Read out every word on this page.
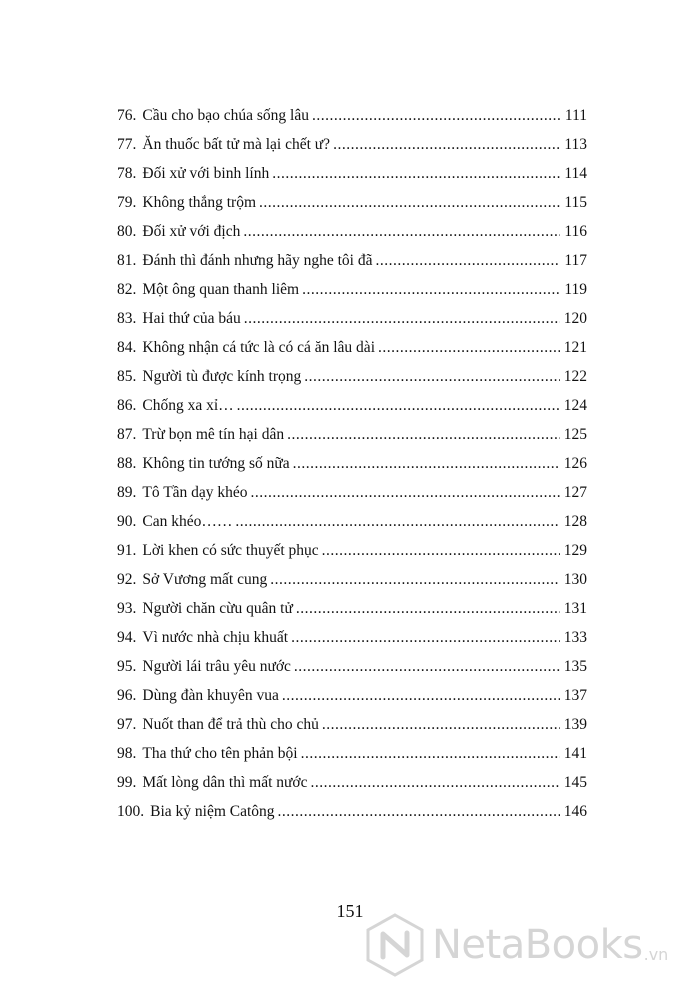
76. Cầu cho bạo chúa sống lâu .....	111
77. Ăn thuốc bất tử mà lại chết ư? .....	113
78. Đối xử với binh lính .....	114
79. Không thắng trộm .....	115
80. Đối xử với địch .....	116
81. Đánh thì đánh nhưng hãy nghe tôi đã .....	117
82. Một ông quan thanh liêm .....	119
83. Hai thứ của báu .....	120
84. Không nhận cá tức là có cá ăn lâu dài .....	121
85. Người tù được kính trọng .....	122
86. Chống xa xỉ… .....	124
87. Trừ bọn mê tín hại dân .....	125
88. Không tin tướng số nữa .....	126
89. Tô Tần dạy khéo .....	127
90. Can khéo…… .....	128
91. Lời khen có sức thuyết phục .....	129
92. Sở Vương mất cung .....	130
93. Người chăn cừu quân tử .....	131
94. Vì nước nhà chịu khuất .....	133
95. Người lái trâu yêu nước .....	135
96. Dùng đàn khuyên vua .....	137
97. Nuốt than để trả thù cho chủ .....	139
98. Tha thứ cho tên phản bội .....	141
99. Mất lòng dân thì mất nước .....	145
100. Bia kỷ niệm Catông .....	146
151
NetaBooks .vn
